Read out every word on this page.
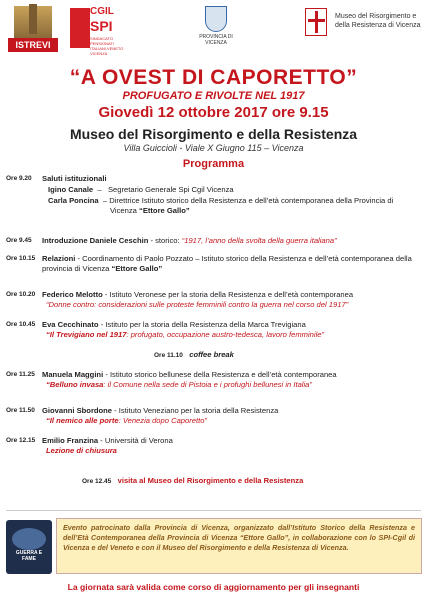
ISTREVI
CGIL
SPI
SINDACATO PENSIONATI ITALIANI VENETO VICENZA
PROVINCIA DI VICENZA
Museo del Risorgimento e della Resistenza di Vicenza
“A OVEST DI CAPORETTO”
PROFUGATO E RIVOLTE NEL 1917
Giovedì 12 ottobre 2017 ore 9.15
Museo del Risorgimento e della Resistenza
Villa Guiccioli - Viale X Giugno 115 – Vicenza
Programma
Ore 9.20	Saluti istituzionali
Igino Canale  –   Segretario Generale Spi Cgil Vicenza
Carla Poncina  – Direttrice Istituto storico della Resistenza e dell’età contemporanea della Provincia di Vicenza “Ettore Gallo”
Ore 9.45	Introduzione Daniele Ceschin - storico: “1917, l’anno della svolta della guerra italiana”
Ore 10.15 Relazioni - Coordinamento di Paolo Pozzato – Istituto storico della Resistenza e dell’età contemporanea della provincia di Vicenza “Ettore Gallo”
Ore 10.20 Federico Melotto - Istituto Veronese per la storia della Resistenza e dell’età contemporanea
“Donne contro: considerazioni sulle proteste femminili contro la guerra nel corso del 1917”
Ore 10.45 Eva Cecchinato - Istituto per la storia della Resistenza della Marca Trevigiana
“Il Trevigiano nel 1917: profugato, occupazione austro-tedesca, lavoro femminile”
Ore 11.10 coffee break
Ore 11.25 Manuela Maggini - Istituto storico bellunese della Resistenza e dell’età contemporanea
“Belluno invasa: il Comune nella sede di Pistoia e i profughi bellunesi in Italia”
Ore 11.50 Giovanni Sbordone - Istituto Veneziano per la storia della Resistenza
“Il nemico alle porte: Venezia dopo Caporetto”
Ore 12.15 Emilio Franzina - Università di Verona
Lezione di chiusura
Ore 12.45 visita al Museo del Risorgimento e della Resistenza
GUERRA E FAME
Evento patrocinato dalla Provincia di Vicenza, organizzato dall’Istituto Storico della Resistenza e dell’Età Contemporanea della Provincia di Vicenza “Ettore Gallo”, in collaborazione con lo SPI-Cgil di Vicenza e del Veneto e con il Museo del Risorgimento e della Resistenza di Vicenza.
La giornata sarà valida come corso di aggiornamento per gli insegnanti
